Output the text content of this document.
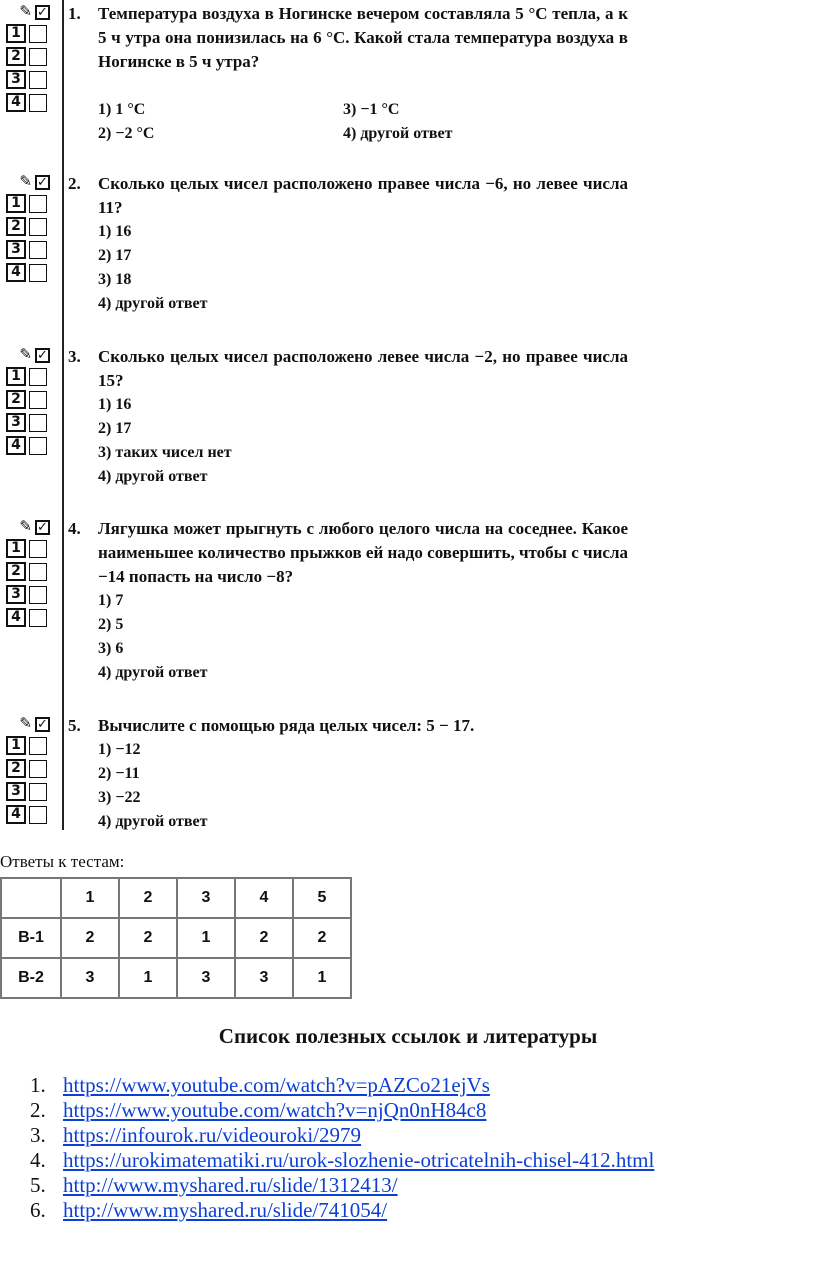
✎ ✓
1
2
3
4
1. Температура воздуха в Ногинске вечером составляла 5 °С тепла, а к 5 ч утра она понизилась на 6 °С. Какой стала температура воздуха в Ногинске в 5 ч утра?
1) 1 °С	3) −1 °С
2) −2 °С	4) другой ответ
✎ ✓
1
2
3
4
2. Сколько целых чисел расположено правее числа −6, но левее числа 11?
1) 16
2) 17
3) 18
4) другой ответ
✎ ✓
1
2
3
4
3. Сколько целых чисел расположено левее числа −2, но правее числа 15?
1) 16
2) 17
3) таких чисел нет
4) другой ответ
✎ ✓
1
2
3
4
4. Лягушка может прыгнуть с любого целого числа на соседнее. Какое наименьшее количество прыжков ей надо совершить, чтобы с числа −14 попасть на число −8?
1) 7
2) 5
3) 6
4) другой ответ
✎ ✓
1
2
3
4
5. Вычислите с помощью ряда целых чисел: 5 − 17.
1) −12
2) −11
3) −22
4) другой ответ
Ответы к тестам:
	1	2	3	4	5
В-1	2	2	1	2	2
В-2	3	1	3	3	1
Список полезных ссылок и литературы
1. https://www.youtube.com/watch?v=pAZCo21ejVs
2. https://www.youtube.com/watch?v=njQn0nH84c8
3. https://infourok.ru/videouroki/2979
4. https://urokimatematiki.ru/urok-slozhenie-otricatelnih-chisel-412.html
5. http://www.myshared.ru/slide/1312413/
6. http://www.myshared.ru/slide/741054/
